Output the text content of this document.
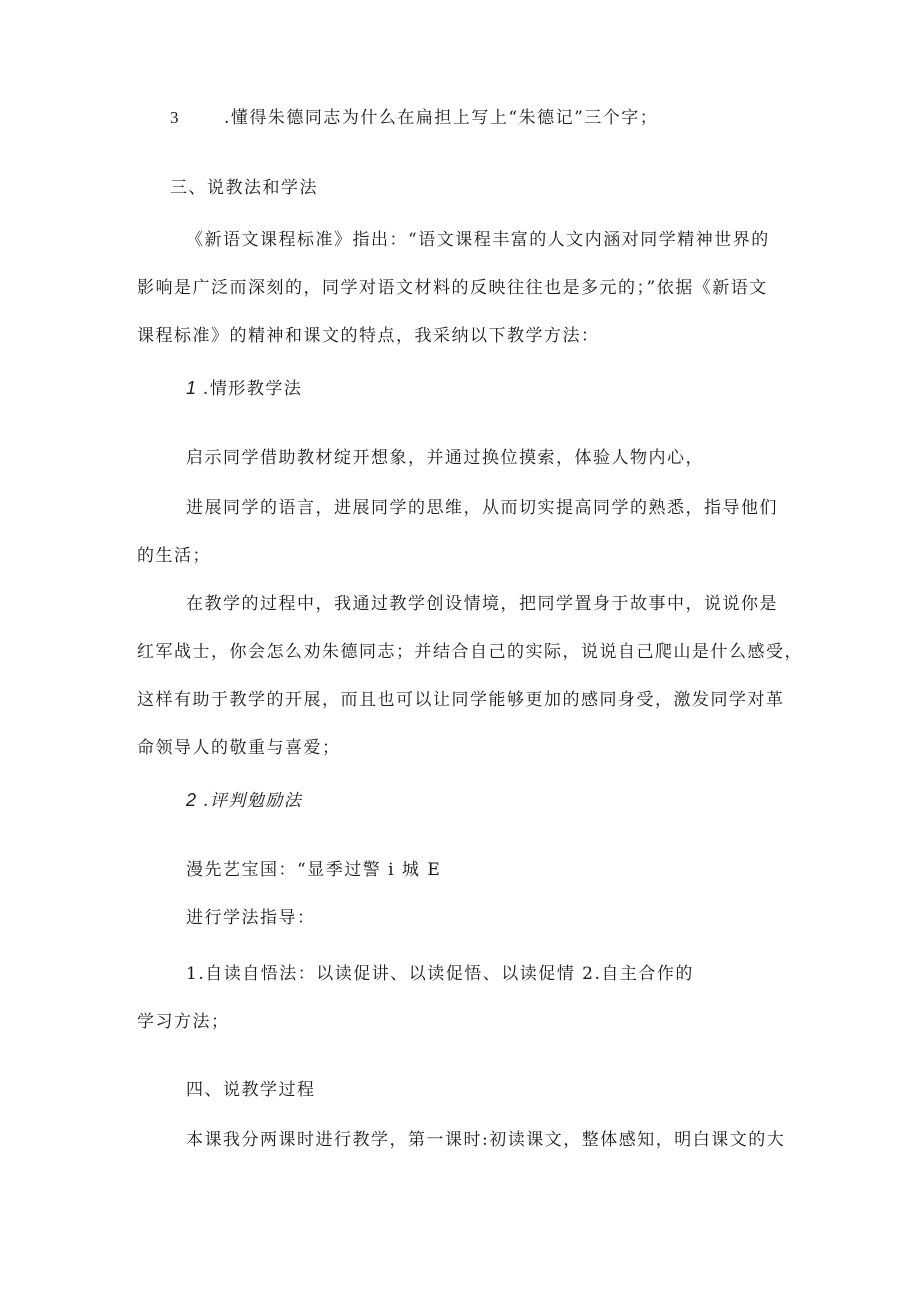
3	.懂得朱德同志为什么在扁担上写上“朱德记”三个字；
三、说教法和学法
《新语文课程标准》指出：“语文课程丰富的人文内涵对同学精神世界的
影响是广泛而深刻的，同学对语文材料的反映往往也是多元的；”依据《新语文
课程标准》的精神和课文的特点，我采纳以下教学方法：
1 .情形教学法
启示同学借助教材绽开想象，并通过换位摸索，体验人物内心，
进展同学的语言，进展同学的思维，从而切实提高同学的熟悉，指导他们
的生活；
在教学的过程中，我通过教学创设情境，把同学置身于故事中，说说你是
红军战士，你会怎么劝朱德同志；并结合自己的实际，说说自己爬山是什么感受，
这样有助于教学的开展，而且也可以让同学能够更加的感同身受，激发同学对革
命领导人的敬重与喜爱；
2 .评判勉励法
漫先艺宝国：“显季过警 i 城 E
进行学法指导：
1.自读自悟法：以读促讲、以读促悟、以读促情 2.自主合作的
学习方法；
四、说教学过程
本课我分两课时进行教学，第一课时:初读课文，整体感知，明白课文的大
